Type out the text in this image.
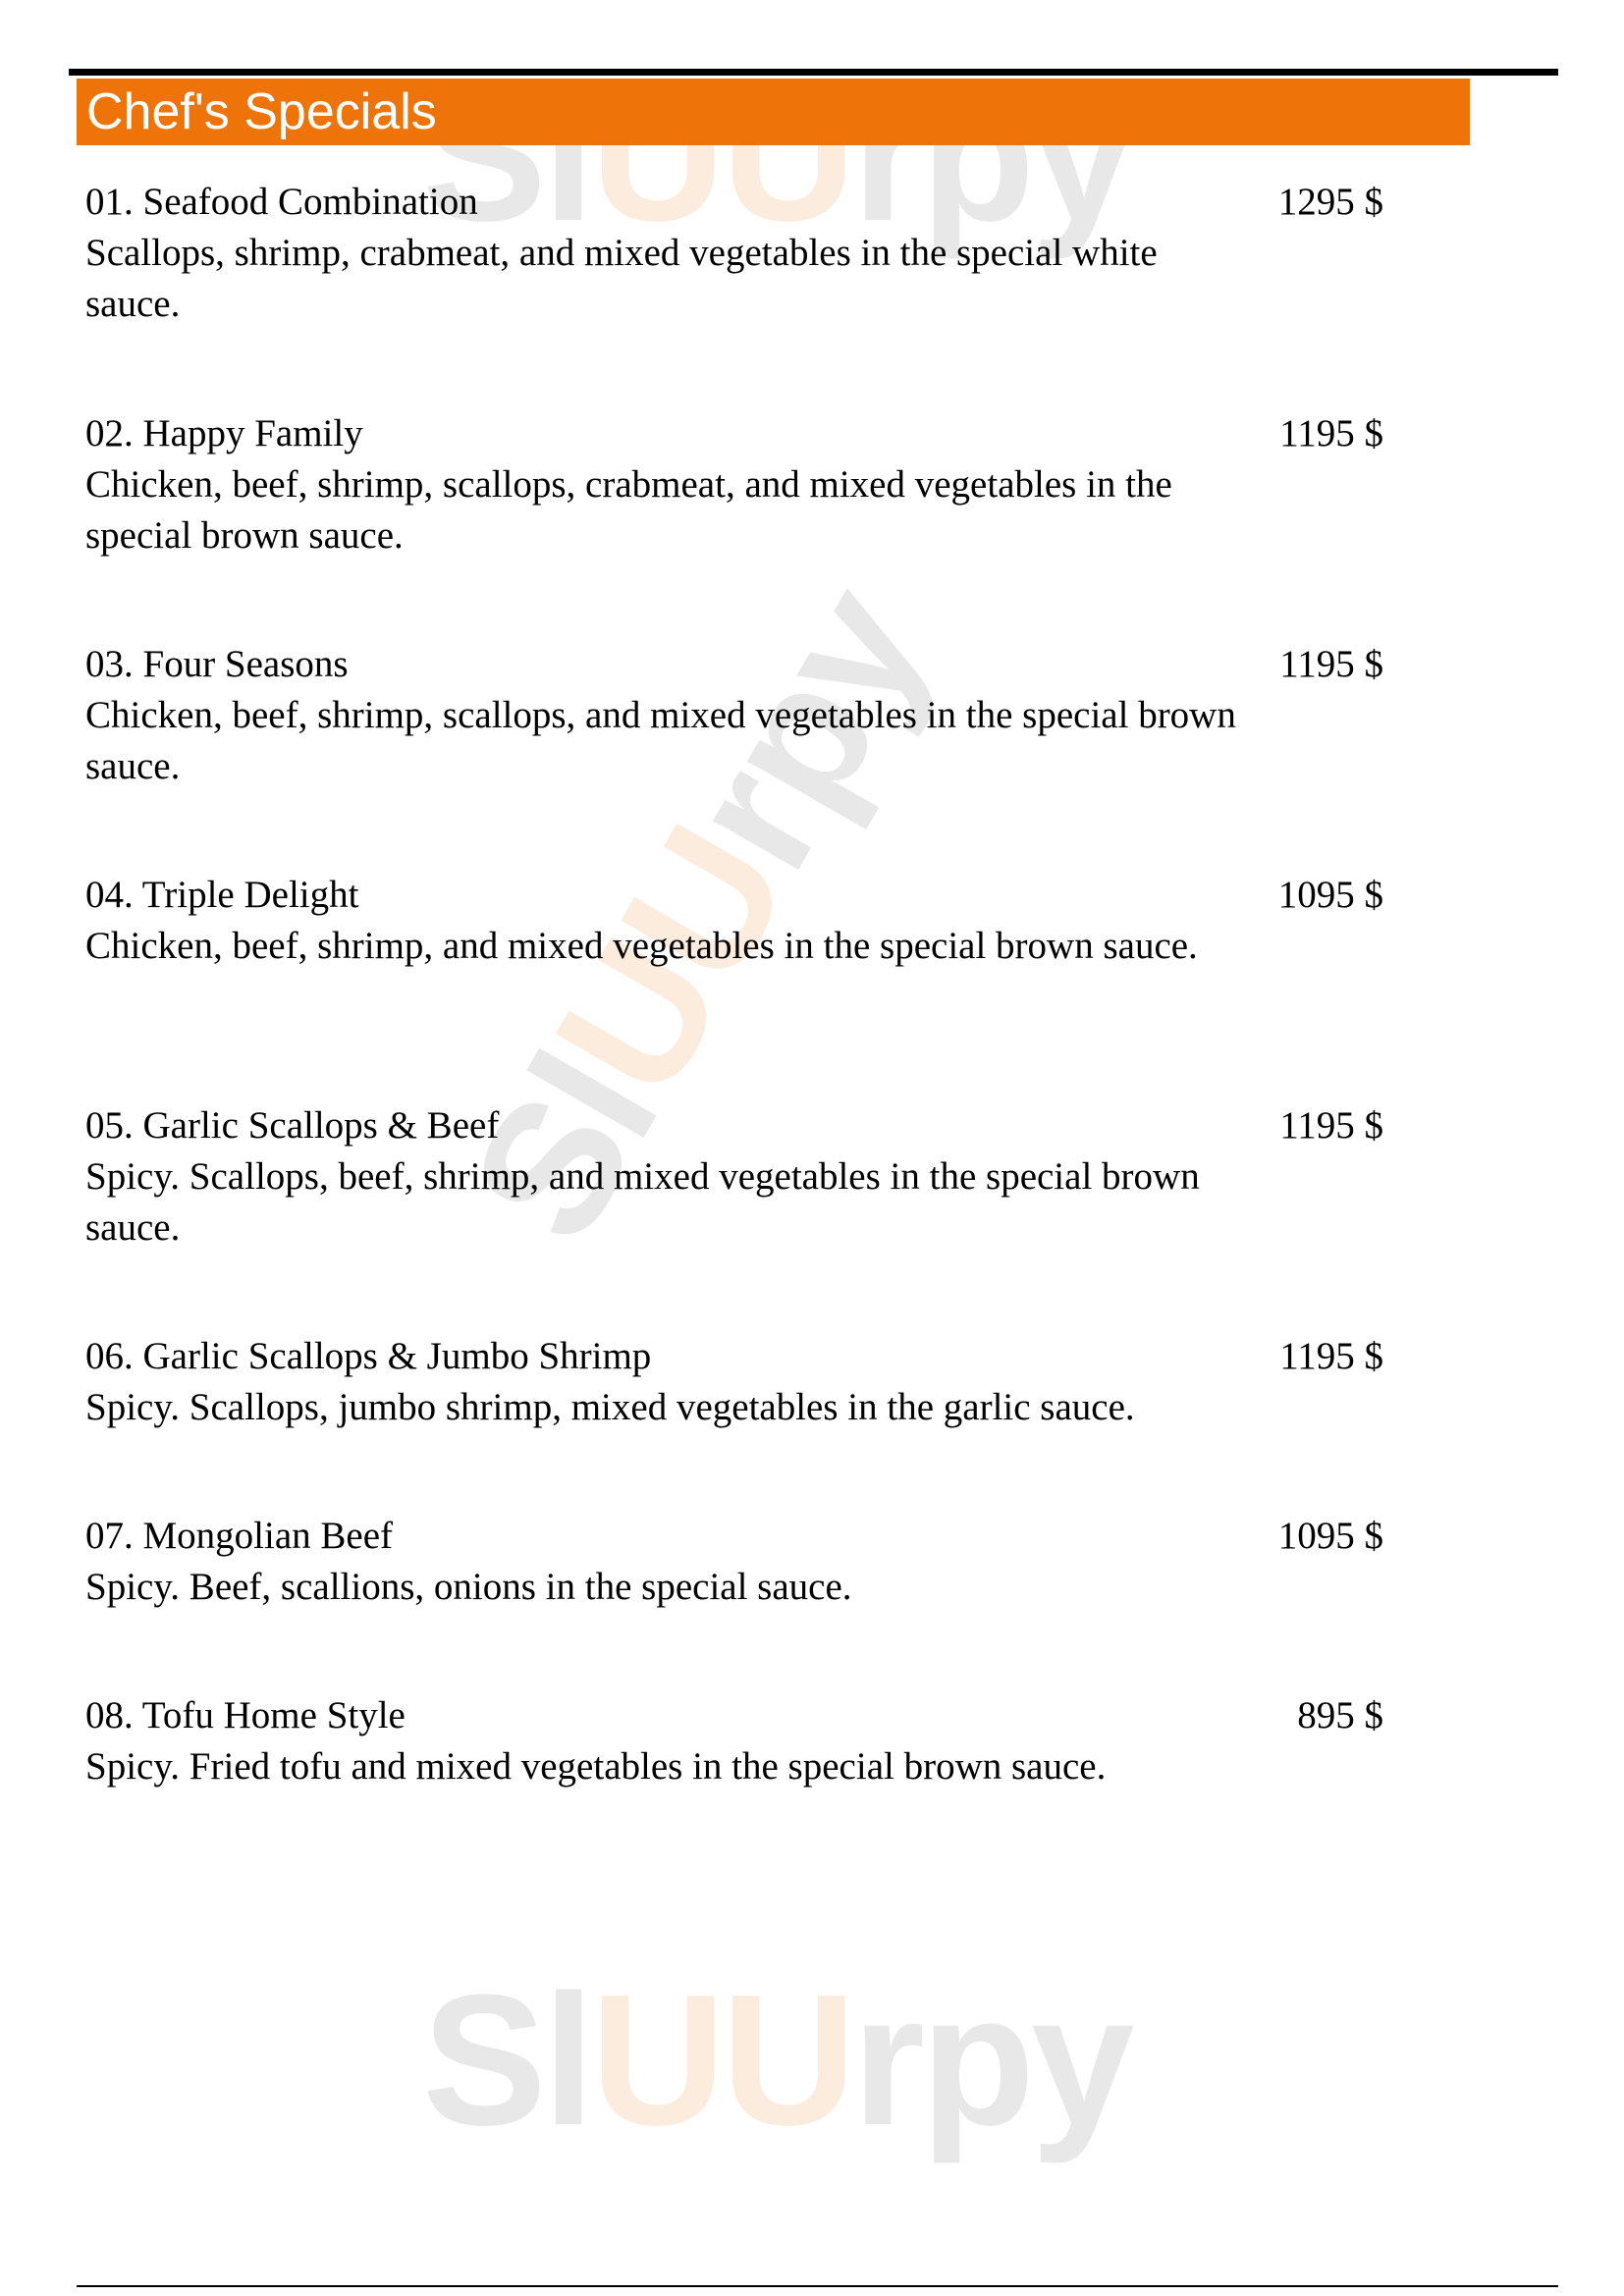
SlUUrpy
SlUUrpy
SlUUrpy
Chef's Specials
01. Seafood Combination	1295 $
Scallops, shrimp, crabmeat, and mixed vegetables in the special white sauce.
02. Happy Family	1195 $
Chicken, beef, shrimp, scallops, crabmeat, and mixed vegetables in the special brown sauce.
03. Four Seasons	1195 $
Chicken, beef, shrimp, scallops, and mixed vegetables in the special brown sauce.
04. Triple Delight	1095 $
Chicken, beef, shrimp, and mixed vegetables in the special brown sauce.
05. Garlic Scallops & Beef	1195 $
Spicy. Scallops, beef, shrimp, and mixed vegetables in the special brown sauce.
06. Garlic Scallops & Jumbo Shrimp	1195 $
Spicy. Scallops, jumbo shrimp, mixed vegetables in the garlic sauce.
07. Mongolian Beef	1095 $
Spicy. Beef, scallions, onions in the special sauce.
08. Tofu Home Style	895 $
Spicy. Fried tofu and mixed vegetables in the special brown sauce.
